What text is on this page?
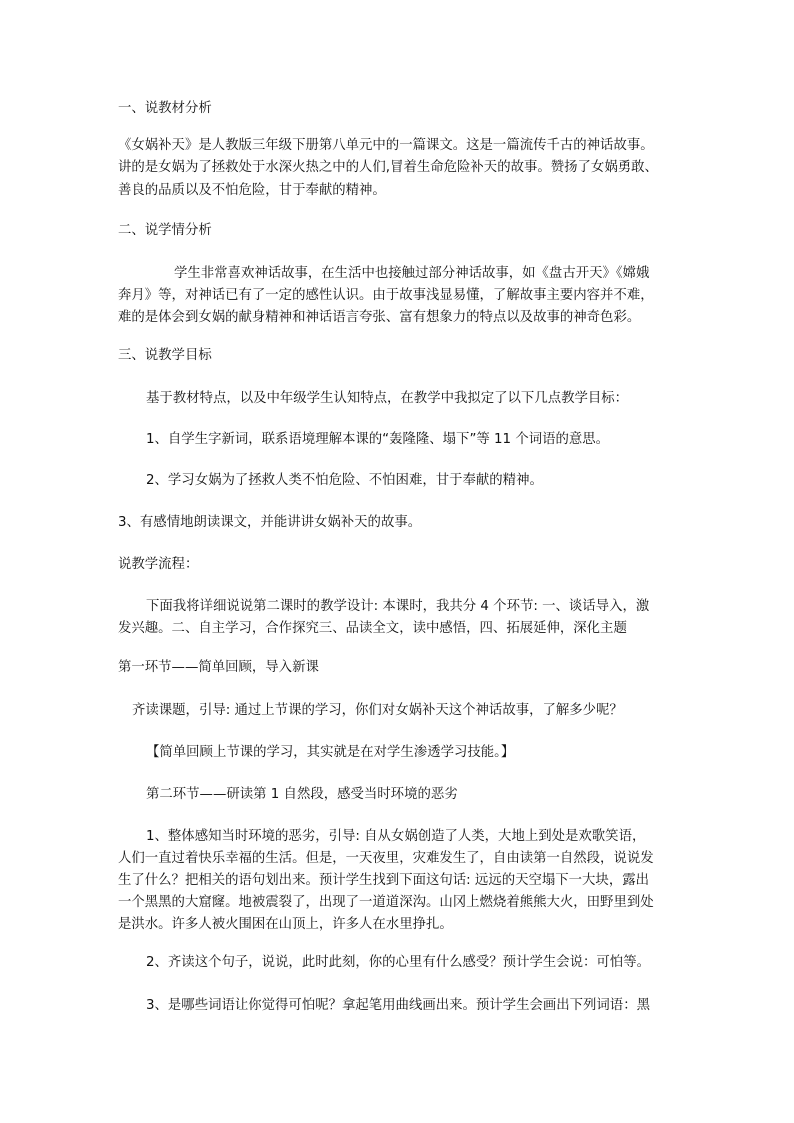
一、说教材分析
《女娲补天》是人教版三年级下册第八单元中的一篇课文。这是一篇流传千古的神话故事。
讲的是女娲为了拯救处于水深火热之中的人们,冒着生命危险补天的故事。赞扬了女娲勇敢、
善良的品质以及不怕危险，甘于奉献的精神。
二、说学情分析
学生非常喜欢神话故事，在生活中也接触过部分神话故事，如《盘古开天》《嫦娥
奔月》等，对神话已有了一定的感性认识。由于故事浅显易懂，了解故事主要内容并不难，
难的是体会到女娲的献身精神和神话语言夸张、富有想象力的特点以及故事的神奇色彩。
三、说教学目标
基于教材特点，以及中年级学生认知特点，在教学中我拟定了以下几点教学目标：
1、自学生字新词，联系语境理解本课的“轰隆隆、塌下”等 11 个词语的意思。
2、学习女娲为了拯救人类不怕危险、不怕困难，甘于奉献的精神。
3、有感情地朗读课文，并能讲讲女娲补天的故事。
说教学流程：
下面我将详细说说第二课时的教学设计: 本课时，我共分 4 个环节: 一、谈话导入，激
发兴趣。二、自主学习，合作探究三、品读全文，读中感悟，四、拓展延伸，深化主题
第一环节——简单回顾，导入新课
齐读课题，引导: 通过上节课的学习，你们对女娲补天这个神话故事，了解多少呢？
【简单回顾上节课的学习，其实就是在对学生渗透学习技能。】
第二环节——研读第 1 自然段，感受当时环境的恶劣
1、整体感知当时环境的恶劣，引导: 自从女娲创造了人类，大地上到处是欢歌笑语，
人们一直过着快乐幸福的生活。但是，一天夜里，灾难发生了，自由读第一自然段，说说发
生了什么？把相关的语句划出来。预计学生找到下面这句话: 远远的天空塌下一大块，露出
一个黑黑的大窟窿。地被震裂了，出现了一道道深沟。山冈上燃烧着熊熊大火，田野里到处
是洪水。许多人被火围困在山顶上，许多人在水里挣扎。
2、齐读这个句子，说说，此时此刻，你的心里有什么感受？预计学生会说：可怕等。
3、是哪些词语让你觉得可怕呢？拿起笔用曲线画出来。预计学生会画出下列词语：黑
